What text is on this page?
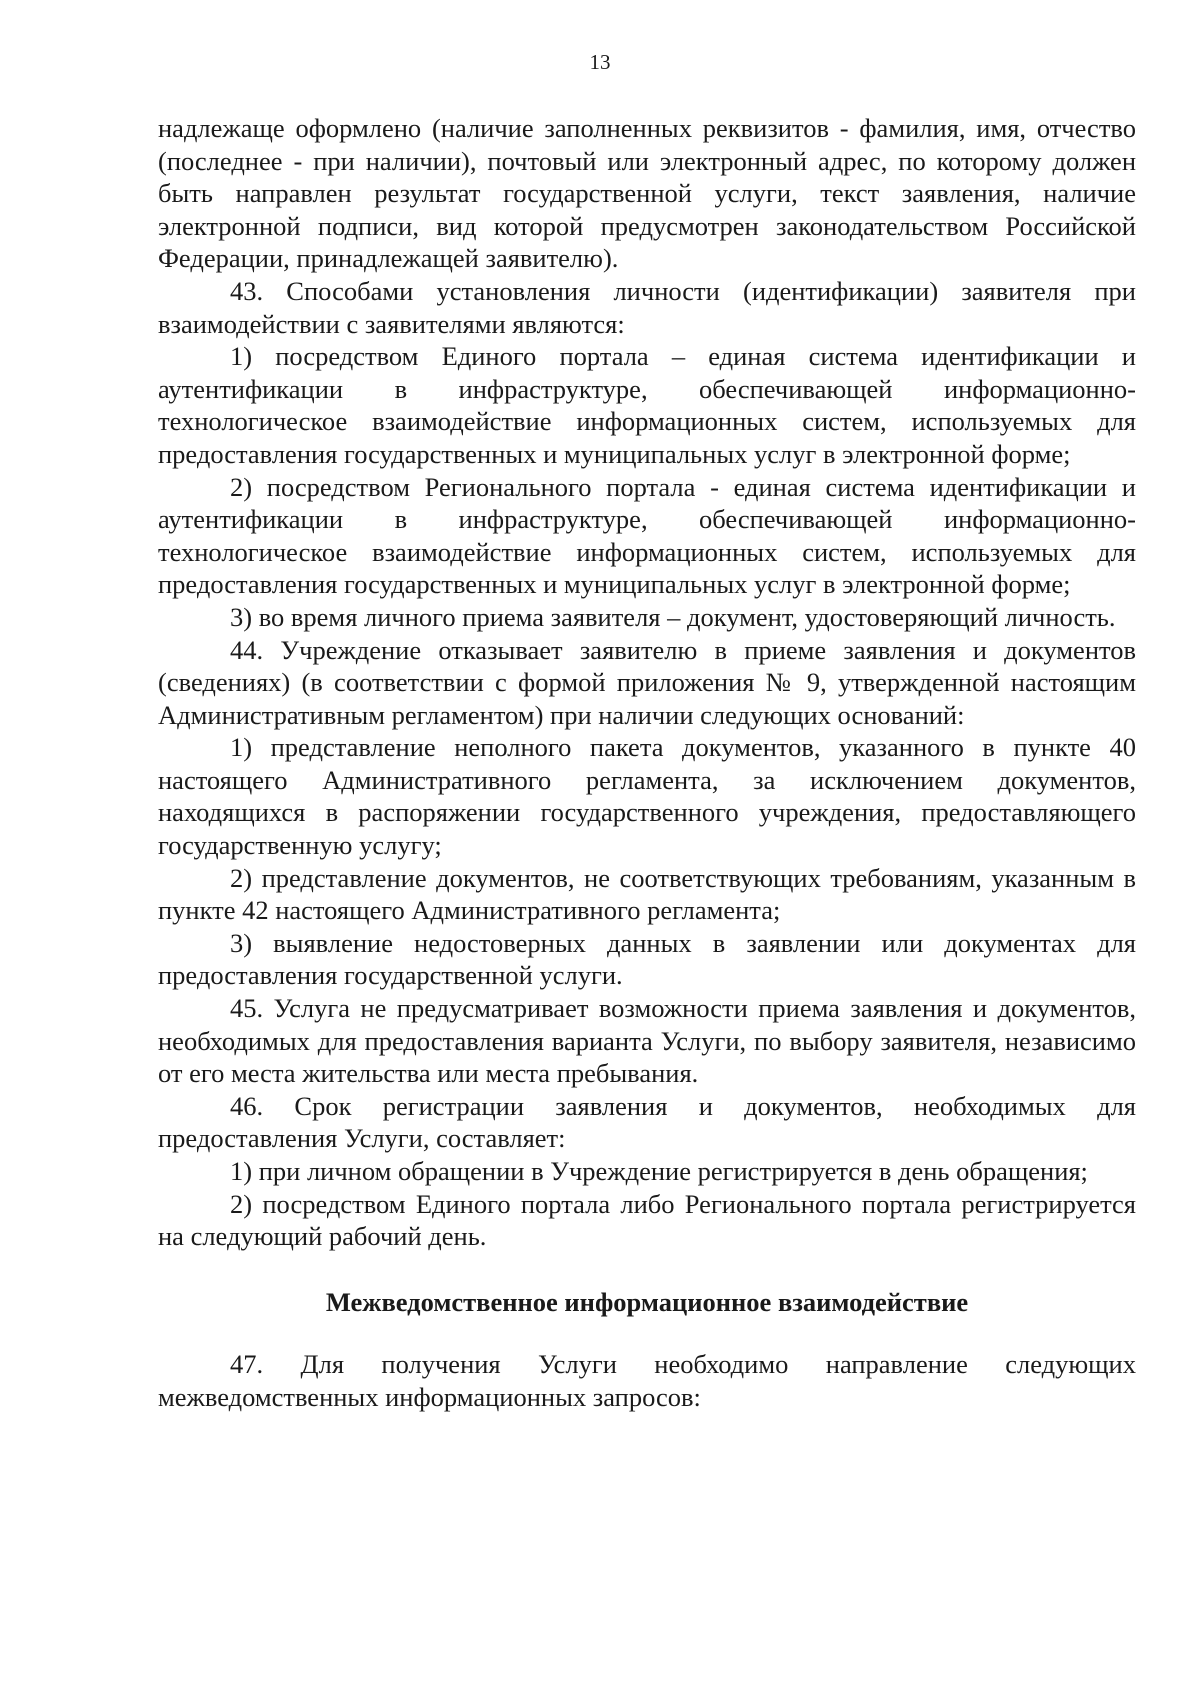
13

надлежаще оформлено (наличие заполненных реквизитов - фамилия, имя, отчество (последнее - при наличии), почтовый или электронный адрес, по которому должен быть направлен результат государственной услуги, текст заявления, наличие электронной подписи, вид которой предусмотрен законодательством Российской Федерации, принадлежащей заявителю).

43. Способами установления личности (идентификации) заявителя при взаимодействии с заявителями являются:

1) посредством Единого портала – единая система идентификации и аутентификации в инфраструктуре, обеспечивающей информационно-технологическое взаимодействие информационных систем, используемых для предоставления государственных и муниципальных услуг в электронной форме;

2) посредством Регионального портала - единая система идентификации и аутентификации в инфраструктуре, обеспечивающей информационно-технологическое взаимодействие информационных систем, используемых для предоставления государственных и муниципальных услуг в электронной форме;

3) во время личного приема заявителя – документ, удостоверяющий личность.

44. Учреждение отказывает заявителю в приеме заявления и документов (сведениях) (в соответствии с формой приложения № 9, утвержденной настоящим Административным регламентом) при наличии следующих оснований:

1) представление неполного пакета документов, указанного в пункте 40 настоящего Административного регламента, за исключением документов, находящихся в распоряжении государственного учреждения, предоставляющего государственную услугу;

2) представление документов, не соответствующих требованиям, указанным в пункте 42 настоящего Административного регламента;

3) выявление недостоверных данных в заявлении или документах для предоставления государственной услуги.

45. Услуга не предусматривает возможности приема заявления и документов, необходимых для предоставления варианта Услуги, по выбору заявителя, независимо от его места жительства или места пребывания.

46. Срок регистрации заявления и документов, необходимых для предоставления Услуги, составляет:

1) при личном обращении в Учреждение регистрируется в день обращения;

2) посредством Единого портала либо Регионального портала регистрируется на следующий рабочий день.

Межведомственное информационное взаимодействие

47. Для получения Услуги необходимо направление следующих межведомственных информационных запросов:
